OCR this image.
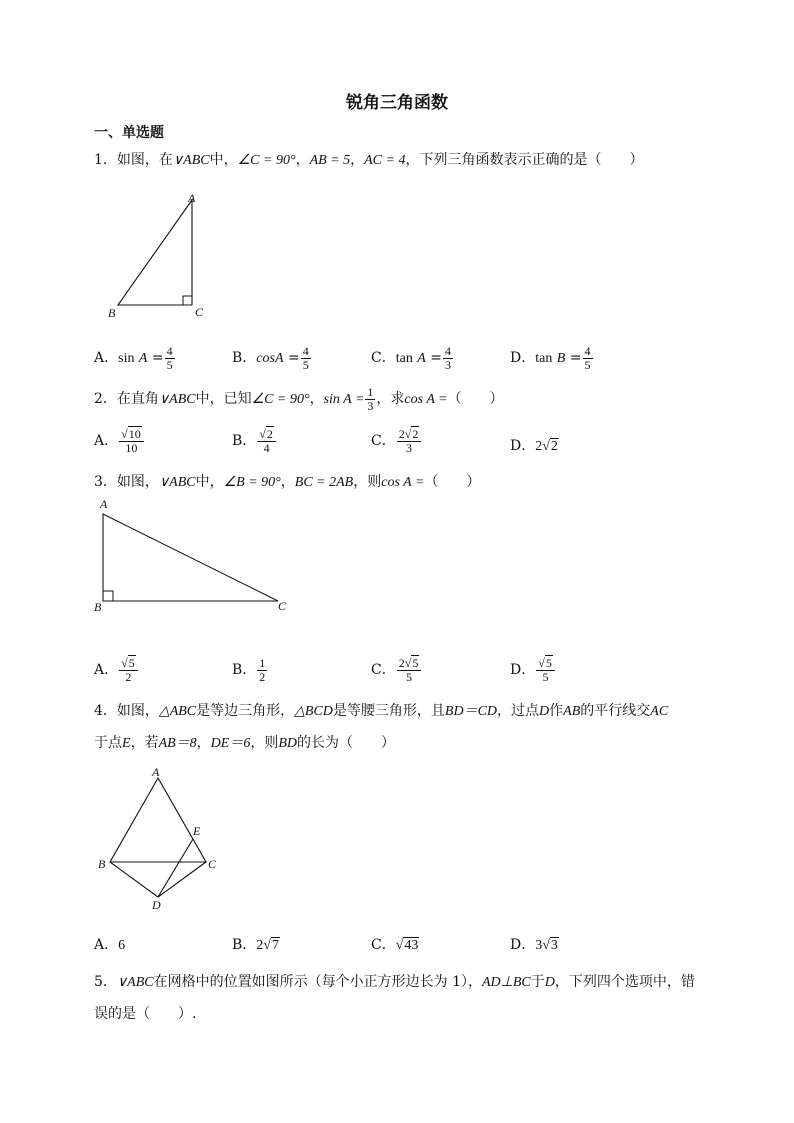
锐角三角函数
一、单选题
1．如图，在∨ABC中，∠C = 90°，AB = 5，AC = 4，下列三角函数表示正确的是（　　）
A
B	C
A．$\sin A = \frac{4}{5}$	B．$\cos A = \frac{4}{5}$	C．$\tan A = \frac{4}{3}$	D．$\tan B = \frac{4}{5}$
2．在直角∨ABC中，已知∠C = 90°，$\sin A = \frac{1}{3}$ ，求cos A =（　　）
A． $\frac{√10}{10}$	B． $\frac{√2}{4}$	C． $\frac{2√2}{3}$	D．2√2
3．如图，∨ABC中，∠B = 90°，BC = 2AB，则cos A =（　　）
A
B	C
A． $\frac{√5}{2}$	B． $\frac{1}{2}$	C． $\frac{2√5}{5}$	D． $\frac{√5}{5}$
4．如图，△ABC是等边三角形，△BCD是等腰三角形，且BD＝CD，过点D作AB的平行线交AC
于点E，若AB＝8，DE＝6，则BD的长为（　　）
A
B	C
D
E
A．6	B．2√7	C．√43	D．3√3
5．∨ABC在网格中的位置如图所示（每个小正方形边长为 1），AD⊥BC于D，下列四个选项中，错
误的是（　　）.
